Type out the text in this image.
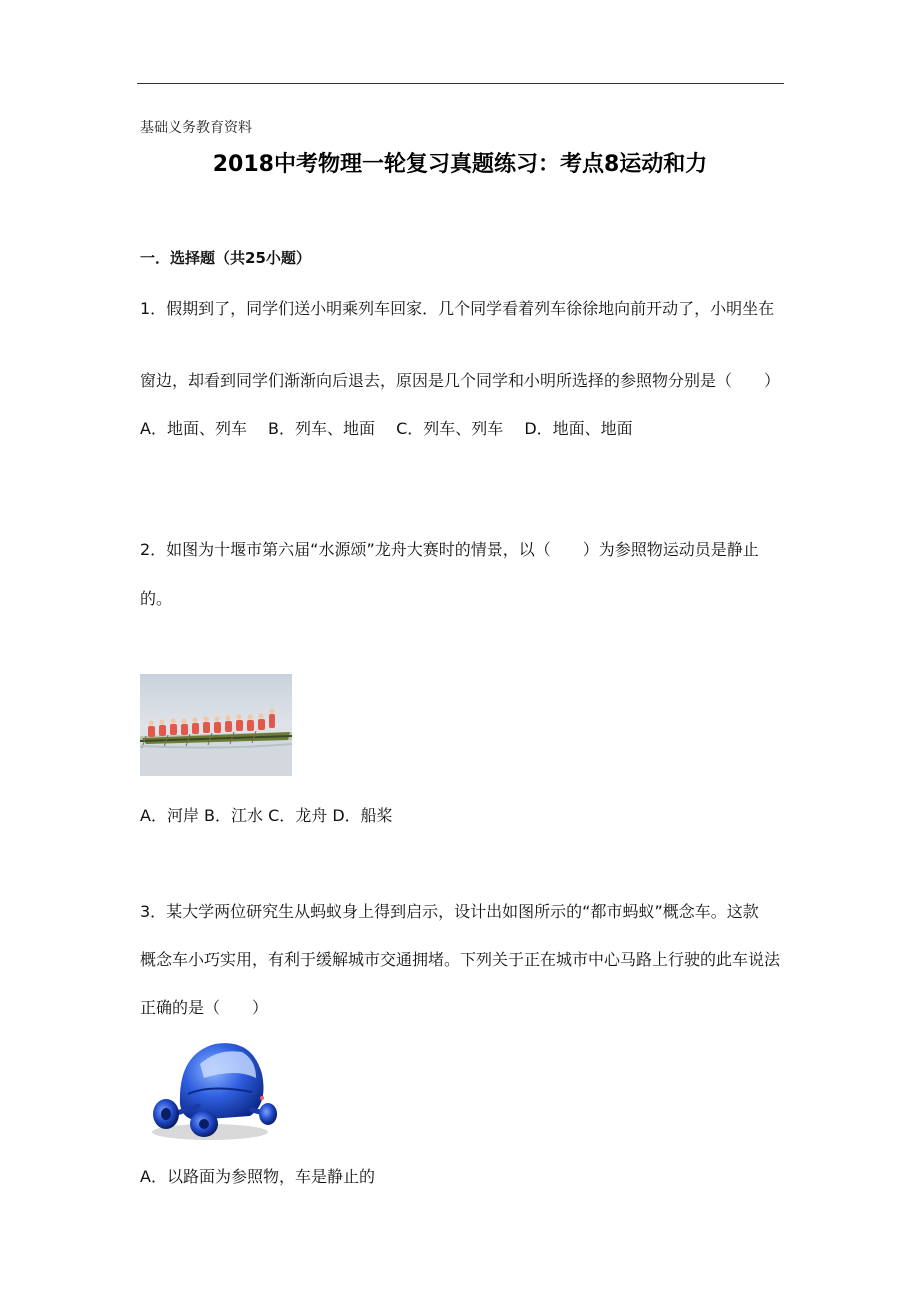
基础义务教育资料
2018中考物理一轮复习真题练习：考点8运动和力
一．选择题（共25小题）
1．假期到了，同学们送小明乘列车回家．几个同学看着列车徐徐地向前开动了，小明坐在
窗边，却看到同学们渐渐向后退去，原因是几个同学和小明所选择的参照物分别是（　　）
A．地面、列车　 B．列车、地面　 C．列车、列车　 D．地面、地面
2．如图为十堰市第六届“水源颂”龙舟大赛时的情景，以（　　）为参照物运动员是静止
的。
A．河岸 B．江水 C．龙舟 D．船桨
3．某大学两位研究生从蚂蚁身上得到启示，设计出如图所示的“都市蚂蚁”概念车。这款
概念车小巧实用，有利于缓解城市交通拥堵。下列关于正在城市中心马路上行驶的此车说法
正确的是（　　）
A．以路面为参照物，车是静止的
